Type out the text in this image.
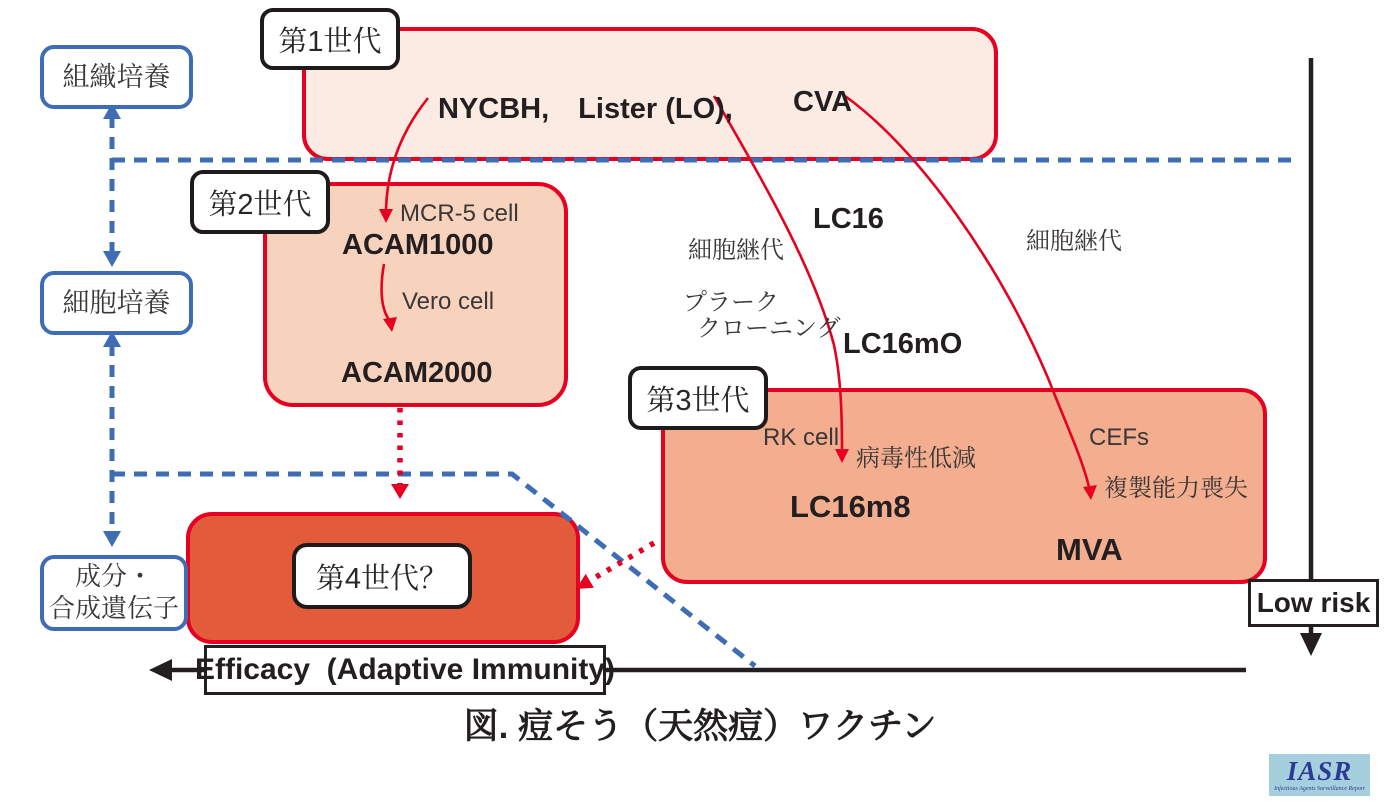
第1世代
第2世代
第3世代
第4世代？
組織培養
細胞培養
成分・
合成遺伝子
NYCBH,　Lister (LO), CVA
MCR-5 cell
ACAM1000
Vero cell
ACAM2000
LC16
細胞継代	細胞継代
プラーク
クローニング LC16mO
RK cell
病毒性低減
LC16m8
CEFs
複製能力喪失
MVA
Efficacy  (Adaptive Immunity)
Low risk
図. 痘そう（天然痘）ワクチン
IASR
Infectious Agents Surveillance Report
